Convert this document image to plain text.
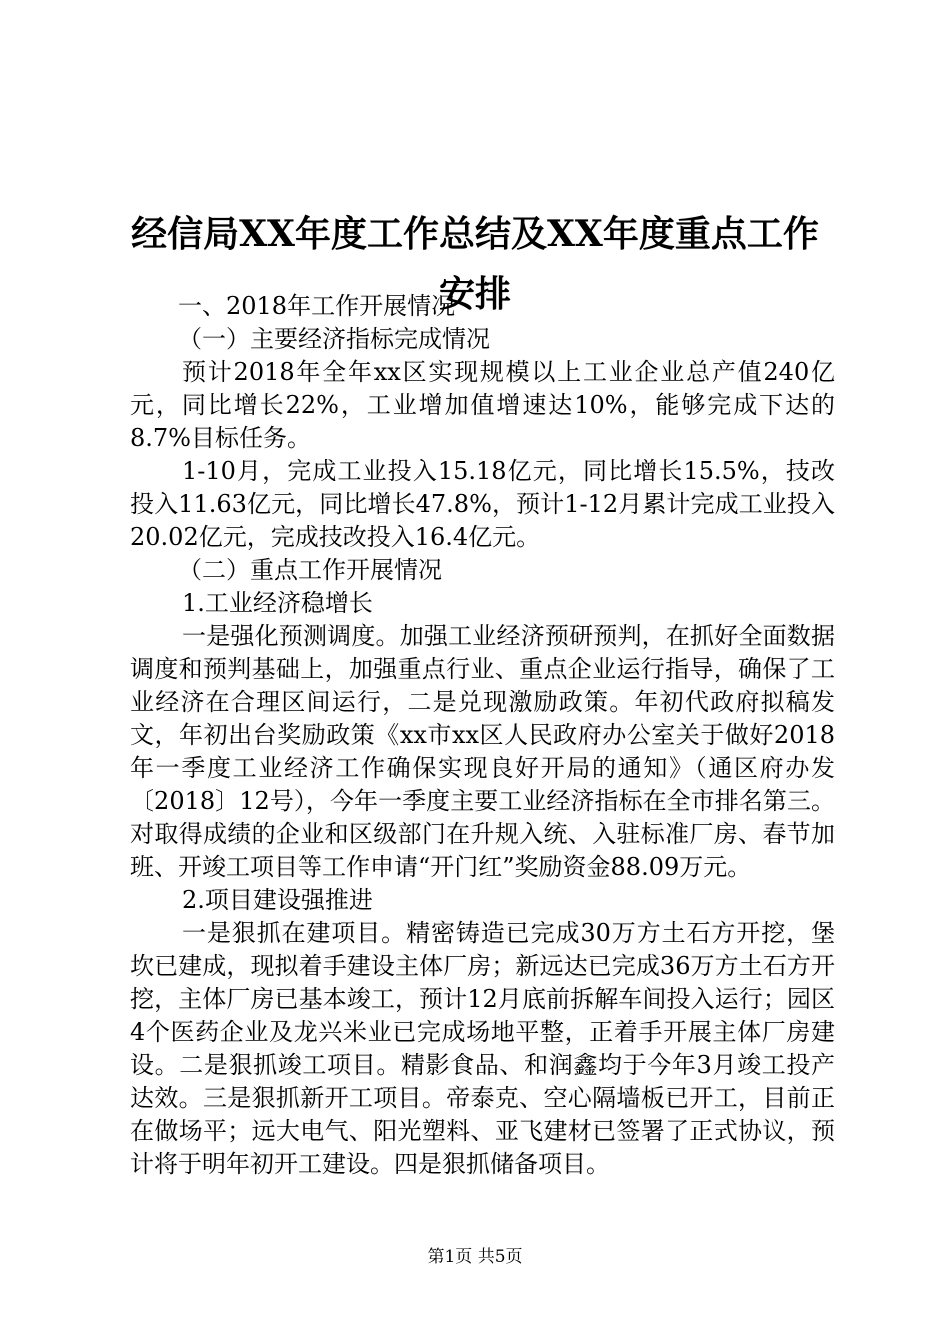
经信局XX年度工作总结及XX年度重点工作安排

一、2018年工作开展情况

（一）主要经济指标完成情况

预计2018年全年xx区实现规模以上工业企业总产值240亿元，同比增长22%，工业增加值增速达10%，能够完成下达的8.7%目标任务。

1-10月，完成工业投入15.18亿元，同比增长15.5%，技改投入11.63亿元，同比增长47.8%，预计1-12月累计完成工业投入20.02亿元，完成技改投入16.4亿元。

（二）重点工作开展情况

1.工业经济稳增长

一是强化预测调度。加强工业经济预研预判，在抓好全面数据调度和预判基础上，加强重点行业、重点企业运行指导，确保了工业经济在合理区间运行，二是兑现激励政策。年初代政府拟稿发文，年初出台奖励政策《xx市xx区人民政府办公室关于做好2018年一季度工业经济工作确保实现良好开局的通知》（通区府办发〔2018〕12号），今年一季度主要工业经济指标在全市排名第三。对取得成绩的企业和区级部门在升规入统、入驻标准厂房、春节加班、开竣工项目等工作申请“开门红”奖励资金88.09万元。

2.项目建设强推进

一是狠抓在建项目。精密铸造已完成30万方土石方开挖，堡坎已建成，现拟着手建设主体厂房；新远达已完成36万方土石方开挖，主体厂房已基本竣工，预计12月底前拆解车间投入运行；园区4个医药企业及龙兴米业已完成场地平整，正着手开展主体厂房建设。二是狠抓竣工项目。精影食品、和润鑫均于今年3月竣工投产达效。三是狠抓新开工项目。帝泰克、空心隔墙板已开工，目前正在做场平；远大电气、阳光塑料、亚飞建材已签署了正式协议，预计将于明年初开工建设。四是狠抓储备项目。

第1页 共5页
